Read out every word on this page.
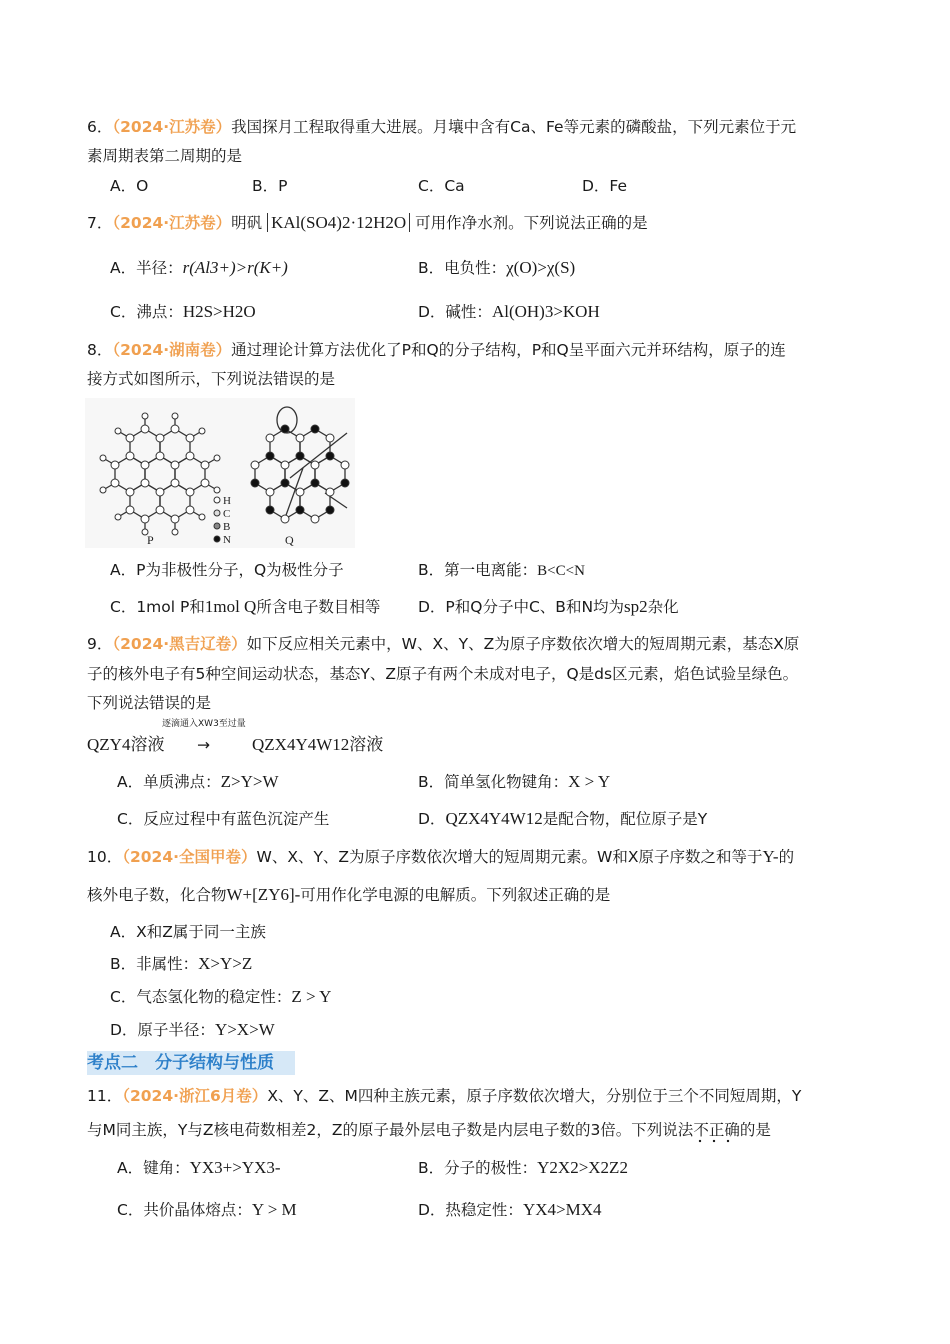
6．（2024·江苏卷）我国探月工程取得重大进展。月壤中含有Ca、Fe等元素的磷酸盐，下列元素位于元
素周期表第二周期的是
A．O	B．P	C．Ca	D．Fe
7．（2024·江苏卷）明矾 KAl(SO4)2·12H2O 可用作净水剂。下列说法正确的是
A．半径：r(Al3+)>r(K+)	B．电负性：χ(O)>χ(S)
C．沸点：H2S>H2O	D．碱性：Al(OH)3>KOH
8．（2024·湖南卷）通过理论计算方法优化了P和Q的分子结构，P和Q呈平面六元并环结构，原子的连
接方式如图所示，下列说法错误的是
H
C
B
N
P	Q
A．P为非极性分子，Q为极性分子	B．第一电离能：B<C<N
C．1mol P和1mol Q所含电子数目相等 D．P和Q分子中C、B和N均为sp2杂化
9．（2024·黑吉辽卷）如下反应相关元素中，W、X、Y、Z为原子序数依次增大的短周期元素，基态X原
子的核外电子有5种空间运动状态，基态Y、Z原子有两个未成对电子，Q是ds区元素，焰色试验呈绿色。
下列说法错误的是
QZY4溶液
逐滴通入XW3至过量
→ QZX4Y4W12溶液
A．单质沸点：Z>Y>W	B．简单氢化物键角：X > Y
C．反应过程中有蓝色沉淀产生	D．QZX4Y4W12是配合物，配位原子是Y
10．（2024·全国甲卷）W、X、Y、Z为原子序数依次增大的短周期元素。W和X原子序数之和等于Y-的
核外电子数，化合物W+[ZY6]-可用作化学电源的电解质。下列叙述正确的是
A．X和Z属于同一主族
B．非属性：X>Y>Z
C．气态氢化物的稳定性：Z > Y
D．原子半径：Y>X>W
考点二　分子结构与性质
11．（2024·浙江6月卷）X、Y、Z、M四种主族元素，原子序数依次增大，分别位于三个不同短周期，Y
与M同主族，Y与Z核电荷数相差2，Z的原子最外层电子数是内层电子数的3倍。下列说法不正确的是
A．键角：YX3+>YX3-	B．分子的极性：Y2X2>X2Z2
C．共价晶体熔点：Y > M	D．热稳定性：YX4>MX4
